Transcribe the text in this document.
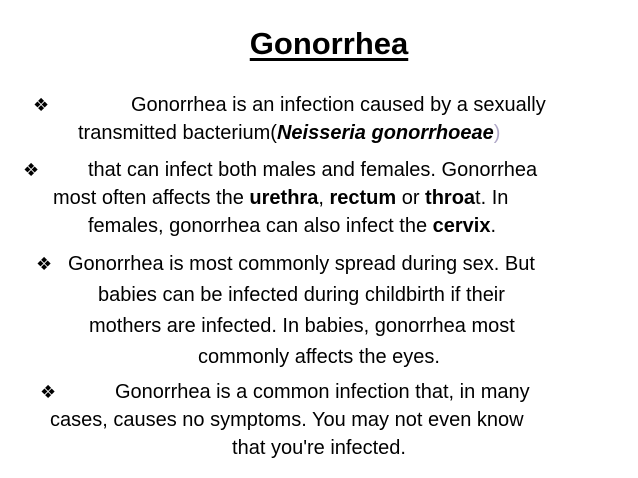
Gonorrhea
❖	Gonorrhea is an infection caused by a sexually
transmitted bacterium(Neisseria gonorrhoeae)
❖ that can infect both males and females. Gonorrhea
most often affects the urethra, rectum or throat. In
females, gonorrhea can also infect the cervix.
❖ Gonorrhea is most commonly spread during sex. But
babies can be infected during childbirth if their
mothers are infected. In babies, gonorrhea most
commonly affects the eyes.
❖	Gonorrhea is a common infection that, in many
cases, causes no symptoms. You may not even know
that you're infected.
